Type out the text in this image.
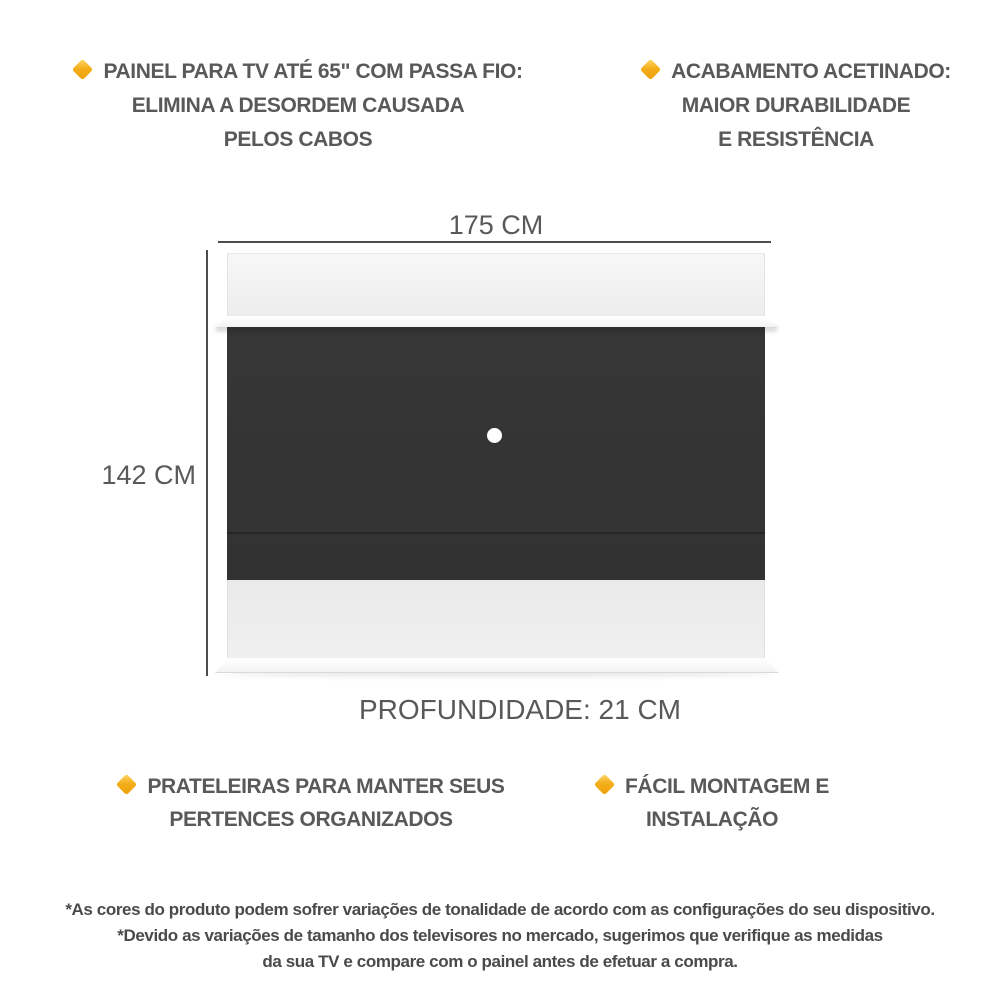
PAINEL PARA TV ATÉ 65" COM PASSA FIO:
ELIMINA A DESORDEM CAUSADA
PELOS CABOS
ACABAMENTO ACETINADO:
MAIOR DURABILIDADE
E RESISTÊNCIA
175 CM
142 CM
PROFUNDIDADE: 21 CM
PRATELEIRAS PARA MANTER SEUS
PERTENCES ORGANIZADOS
FÁCIL MONTAGEM E
INSTALAÇÃO
*As cores do produto podem sofrer variações de tonalidade de acordo com as configurações do seu dispositivo.
*Devido as variações de tamanho dos televisores no mercado, sugerimos que verifique as medidas
da sua TV e compare com o painel antes de efetuar a compra.
